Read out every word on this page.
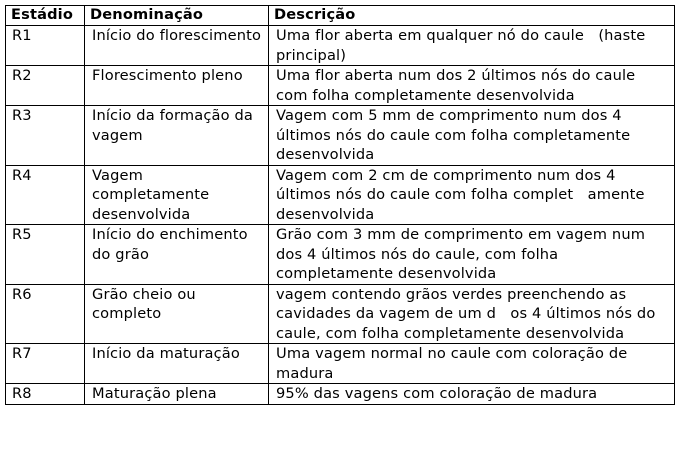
Estádio	Denominação	Descrição
R1	Início do florescimento	Uma flor aberta em qualquer nó do caule   (haste principal)
R2	Florescimento pleno	Uma flor aberta num dos 2 últimos nós do caule com folha completamente desenvolvida
R3	Início da formação da vagem	Vagem com 5 mm de comprimento num dos 4 últimos nós do caule com folha completamente desenvolvida
R4	Vagem completamente desenvolvida	Vagem com 2 cm de comprimento num dos 4 últimos nós do caule com folha complet   amente desenvolvida
R5	Início do enchimento do grão	Grão com 3 mm de comprimento em vagem num dos 4 últimos nós do caule, com folha completamente desenvolvida
R6	Grão cheio ou completo	vagem contendo grãos verdes preenchendo as cavidades da vagem de um d   os 4 últimos nós do caule, com folha completamente desenvolvida
R7	Início da maturação	Uma vagem normal no caule com coloração de madura
R8	Maturação plena	95% das vagens com coloração de madura
